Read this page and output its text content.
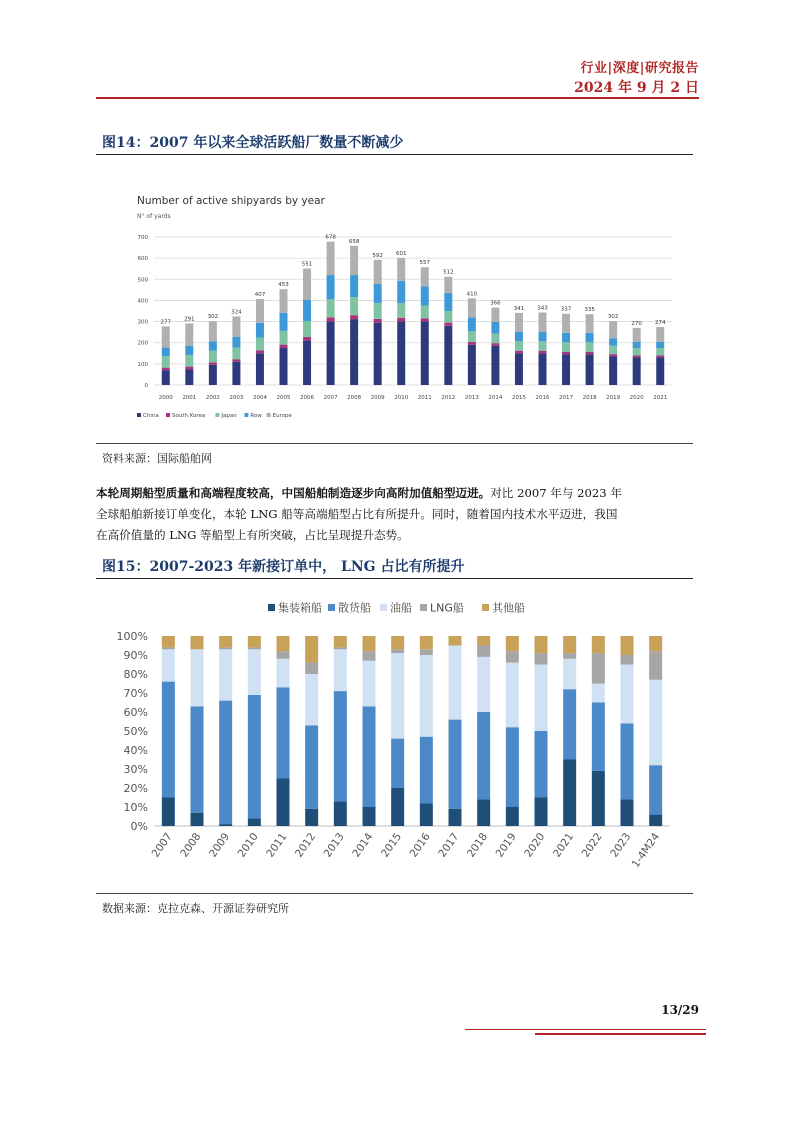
行业|深度|研究报告
2024 年 9 月 2 日
图14：2007 年以来全球活跃船厂数量不断减少
Number of active shipyards by year
N° of yards
0
100
200
300
400
500
600
700
277
2000
291
2001
302
2002
324
2003
407
2004
453
2005
551
2006
678
2007
658
2008
592
2009
601
2010
557
2011
512
2012
410
2013
366
2014
341
2015
343
2016
337
2017
335
2018
302
2019
270
2020
274
2021
China South Korea	Japan Row Europe
资料来源：国际船舶网
本轮周期船型质量和高端程度较高，中国船舶制造逐步向高附加值船型迈进。对比 2007 年与 2023 年
全球船舶新接订单变化，本轮 LNG 船等高端船型占比有所提升。同时，随着国内技术水平迈进，我国
在高价值量的 LNG 等船型上有所突破，占比呈现提升态势。
图15：2007-2023 年新接订单中， LNG 占比有所提升
集装箱船 散货船 油船 LNG船	其他船
0%
10%
20%
30%
40%
50%
60%
70%
80%
90%
100%
2007 2008 2009 2010 2011 2012 2013 2014 2015 2016 2017 2018 2019 2020 2021 2022 2023
1-4M24
数据来源：克拉克森、开源证券研究所
13/29
